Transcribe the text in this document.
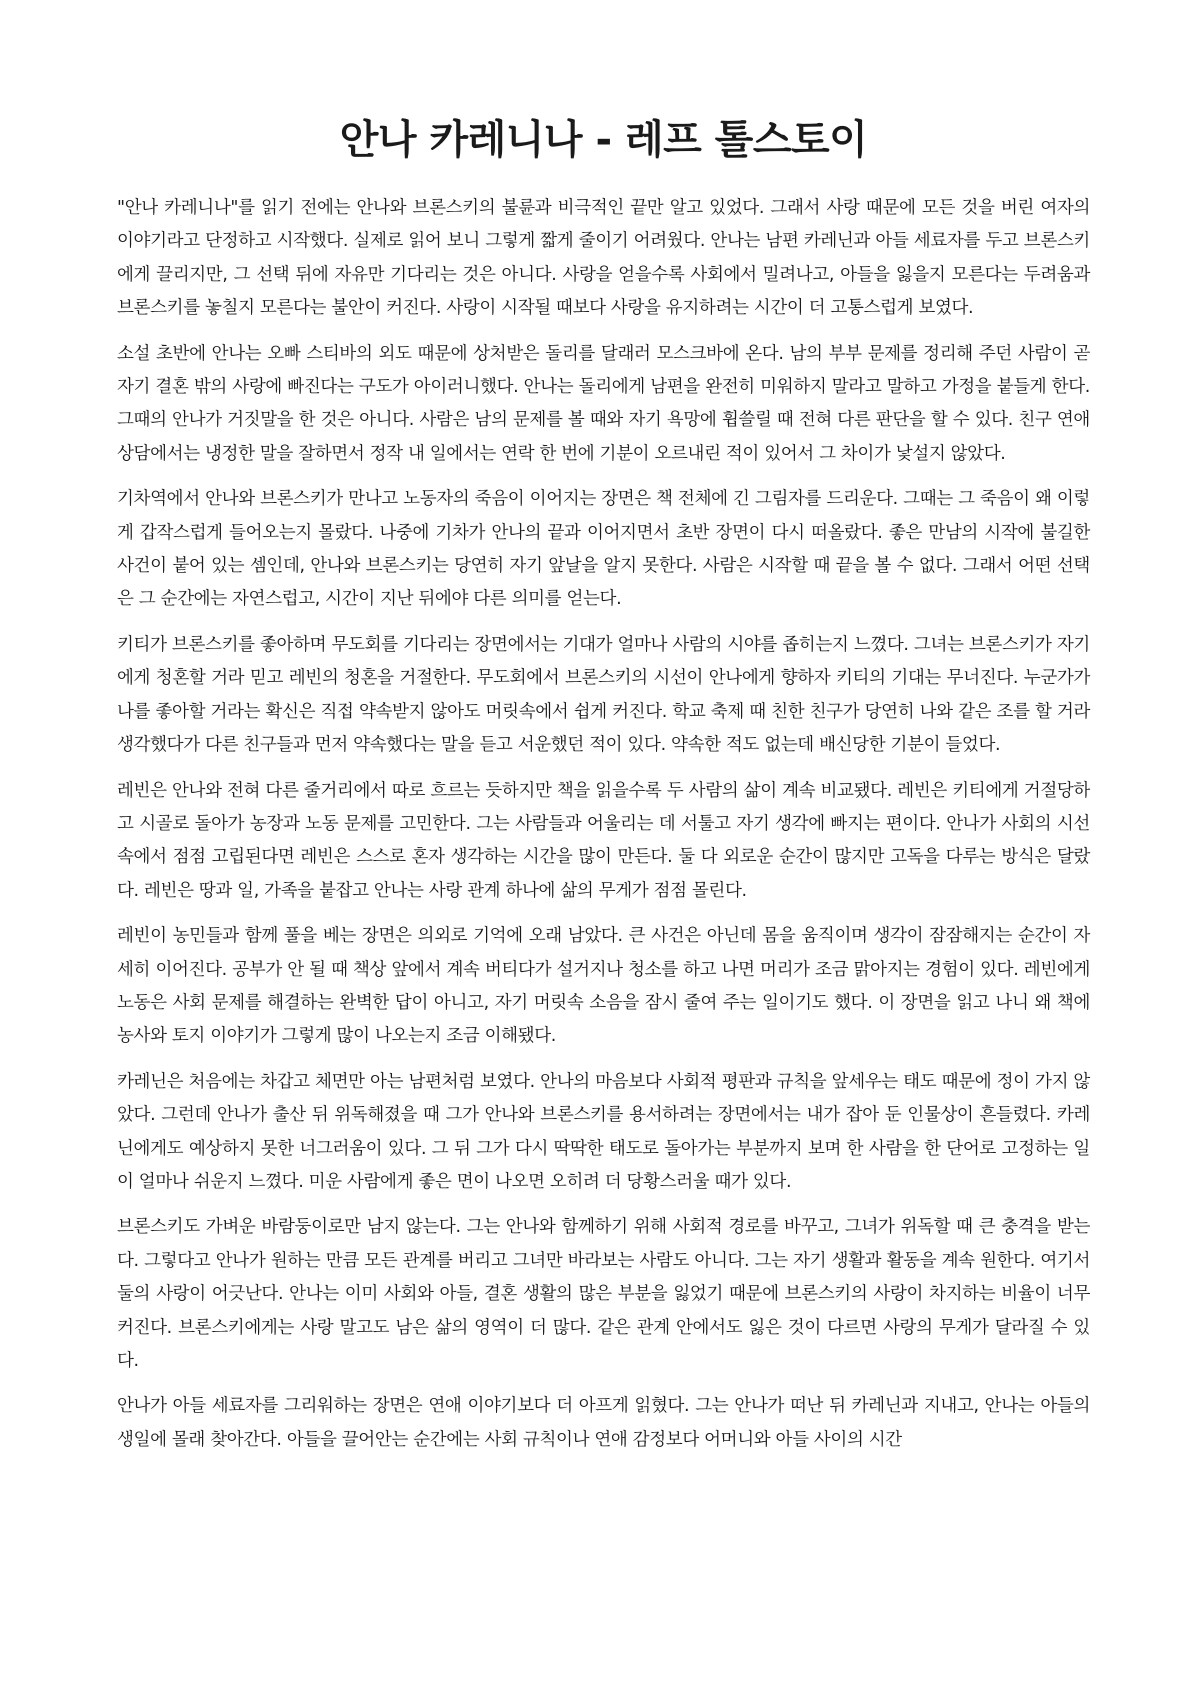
안나 카레니나 - 레프 톨스토이

"안나 카레니나"를 읽기 전에는 안나와 브론스키의 불륜과 비극적인 끝만 알고 있었다. 그래서 사랑 때문에 모든 것을 버린 여자의 이야기라고 단정하고 시작했다. 실제로 읽어 보니 그렇게 짧게 줄이기 어려웠다. 안나는 남편 카레닌과 아들 세료자를 두고 브론스키에게 끌리지만, 그 선택 뒤에 자유만 기다리는 것은 아니다. 사랑을 얻을수록 사회에서 밀려나고, 아들을 잃을지 모른다는 두려움과 브론스키를 놓칠지 모른다는 불안이 커진다. 사랑이 시작될 때보다 사랑을 유지하려는 시간이 더 고통스럽게 보였다.

소설 초반에 안나는 오빠 스티바의 외도 때문에 상처받은 돌리를 달래러 모스크바에 온다. 남의 부부 문제를 정리해 주던 사람이 곧 자기 결혼 밖의 사랑에 빠진다는 구도가 아이러니했다. 안나는 돌리에게 남편을 완전히 미워하지 말라고 말하고 가정을 붙들게 한다. 그때의 안나가 거짓말을 한 것은 아니다. 사람은 남의 문제를 볼 때와 자기 욕망에 휩쓸릴 때 전혀 다른 판단을 할 수 있다. 친구 연애 상담에서는 냉정한 말을 잘하면서 정작 내 일에서는 연락 한 번에 기분이 오르내린 적이 있어서 그 차이가 낯설지 않았다.

기차역에서 안나와 브론스키가 만나고 노동자의 죽음이 이어지는 장면은 책 전체에 긴 그림자를 드리운다. 그때는 그 죽음이 왜 이렇게 갑작스럽게 들어오는지 몰랐다. 나중에 기차가 안나의 끝과 이어지면서 초반 장면이 다시 떠올랐다. 좋은 만남의 시작에 불길한 사건이 붙어 있는 셈인데, 안나와 브론스키는 당연히 자기 앞날을 알지 못한다. 사람은 시작할 때 끝을 볼 수 없다. 그래서 어떤 선택은 그 순간에는 자연스럽고, 시간이 지난 뒤에야 다른 의미를 얻는다.

키티가 브론스키를 좋아하며 무도회를 기다리는 장면에서는 기대가 얼마나 사람의 시야를 좁히는지 느꼈다. 그녀는 브론스키가 자기에게 청혼할 거라 믿고 레빈의 청혼을 거절한다. 무도회에서 브론스키의 시선이 안나에게 향하자 키티의 기대는 무너진다. 누군가가 나를 좋아할 거라는 확신은 직접 약속받지 않아도 머릿속에서 쉽게 커진다. 학교 축제 때 친한 친구가 당연히 나와 같은 조를 할 거라 생각했다가 다른 친구들과 먼저 약속했다는 말을 듣고 서운했던 적이 있다. 약속한 적도 없는데 배신당한 기분이 들었다.

레빈은 안나와 전혀 다른 줄거리에서 따로 흐르는 듯하지만 책을 읽을수록 두 사람의 삶이 계속 비교됐다. 레빈은 키티에게 거절당하고 시골로 돌아가 농장과 노동 문제를 고민한다. 그는 사람들과 어울리는 데 서툴고 자기 생각에 빠지는 편이다. 안나가 사회의 시선 속에서 점점 고립된다면 레빈은 스스로 혼자 생각하는 시간을 많이 만든다. 둘 다 외로운 순간이 많지만 고독을 다루는 방식은 달랐다. 레빈은 땅과 일, 가족을 붙잡고 안나는 사랑 관계 하나에 삶의 무게가 점점 몰린다.

레빈이 농민들과 함께 풀을 베는 장면은 의외로 기억에 오래 남았다. 큰 사건은 아닌데 몸을 움직이며 생각이 잠잠해지는 순간이 자세히 이어진다. 공부가 안 될 때 책상 앞에서 계속 버티다가 설거지나 청소를 하고 나면 머리가 조금 맑아지는 경험이 있다. 레빈에게 노동은 사회 문제를 해결하는 완벽한 답이 아니고, 자기 머릿속 소음을 잠시 줄여 주는 일이기도 했다. 이 장면을 읽고 나니 왜 책에 농사와 토지 이야기가 그렇게 많이 나오는지 조금 이해됐다.

카레닌은 처음에는 차갑고 체면만 아는 남편처럼 보였다. 안나의 마음보다 사회적 평판과 규칙을 앞세우는 태도 때문에 정이 가지 않았다. 그런데 안나가 출산 뒤 위독해졌을 때 그가 안나와 브론스키를 용서하려는 장면에서는 내가 잡아 둔 인물상이 흔들렸다. 카레닌에게도 예상하지 못한 너그러움이 있다. 그 뒤 그가 다시 딱딱한 태도로 돌아가는 부분까지 보며 한 사람을 한 단어로 고정하는 일이 얼마나 쉬운지 느꼈다. 미운 사람에게 좋은 면이 나오면 오히려 더 당황스러울 때가 있다.

브론스키도 가벼운 바람둥이로만 남지 않는다. 그는 안나와 함께하기 위해 사회적 경로를 바꾸고, 그녀가 위독할 때 큰 충격을 받는다. 그렇다고 안나가 원하는 만큼 모든 관계를 버리고 그녀만 바라보는 사람도 아니다. 그는 자기 생활과 활동을 계속 원한다. 여기서 둘의 사랑이 어긋난다. 안나는 이미 사회와 아들, 결혼 생활의 많은 부분을 잃었기 때문에 브론스키의 사랑이 차지하는 비율이 너무 커진다. 브론스키에게는 사랑 말고도 남은 삶의 영역이 더 많다. 같은 관계 안에서도 잃은 것이 다르면 사랑의 무게가 달라질 수 있다.

안나가 아들 세료자를 그리워하는 장면은 연애 이야기보다 더 아프게 읽혔다. 그는 안나가 떠난 뒤 카레닌과 지내고, 안나는 아들의 생일에 몰래 찾아간다. 아들을 끌어안는 순간에는 사회 규칙이나 연애 감정보다 어머니와 아들 사이의 시간
